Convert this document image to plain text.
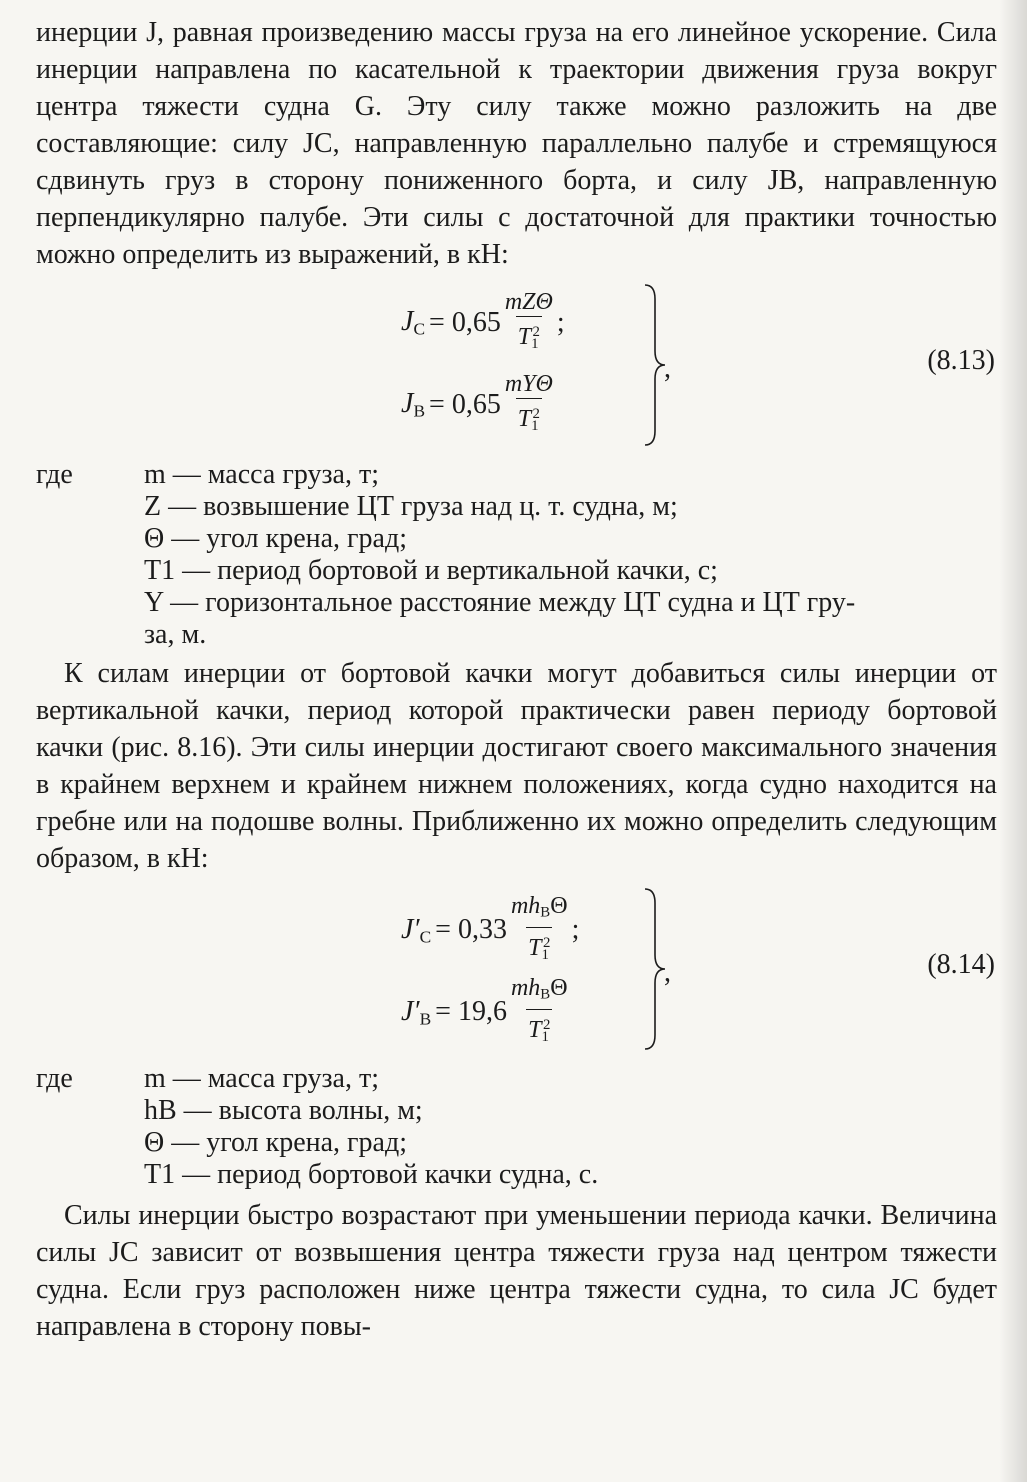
инерции J, равная произведению массы груза на его линейное ускорение. Сила инерции направлена по касательной к траектории движения груза вокруг центра тяжести судна G. Эту силу также можно разложить на две составляющие: силу JС, направленную параллельно палубе и стремящуюся сдвинуть груз в сторону пониженного борта, и силу JВ, направленную перпендикулярно палубе. Эти силы с достаточной для практики точностью можно определить из выражений, в кН:

$J_С = 0,65 \frac{\text{mZΘ}}{T_1^2}$ ;
$J_В = 0,65 \frac{\text{mYΘ}}{T_1^2}$
,	(8.13)
где	m — масса груза, т;
Z — возвышение ЦТ груза над ц. т. судна, м;
Θ — угол крена, град;
T1 — период бортовой и вертикальной качки, с;
Y — горизонтальное расстояние между ЦТ судна и ЦТ гру-
за, м.

К силам инерции от бортовой качки могут добавиться силы инерции от вертикальной качки, период которой практически равен периоду бортовой качки (рис. 8.16). Эти силы инерции достигают своего максимального значения в крайнем верхнем и крайнем нижнем положениях, когда судно находится на гребне или на подошве волны. Приближенно их можно определить следующим образом, в кН:

$J'_С = 0,33 \frac{mh_В\Theta}{T_1^2}$ ;
$J'_В = 19,6 \frac{mh_В\Theta}{T_1^2}$
,	(8.14)
где	m — масса груза, т;
hВ — высота волны, м;
Θ — угол крена, град;
T1 — период бортовой качки судна, с.

Силы инерции быстро возрастают при уменьшении периода качки. Величина силы JС зависит от возвышения центра тяжести груза над центром тяжести судна. Если груз расположен ниже центра тяжести судна, то сила JС будет направлена в сторону повы-
